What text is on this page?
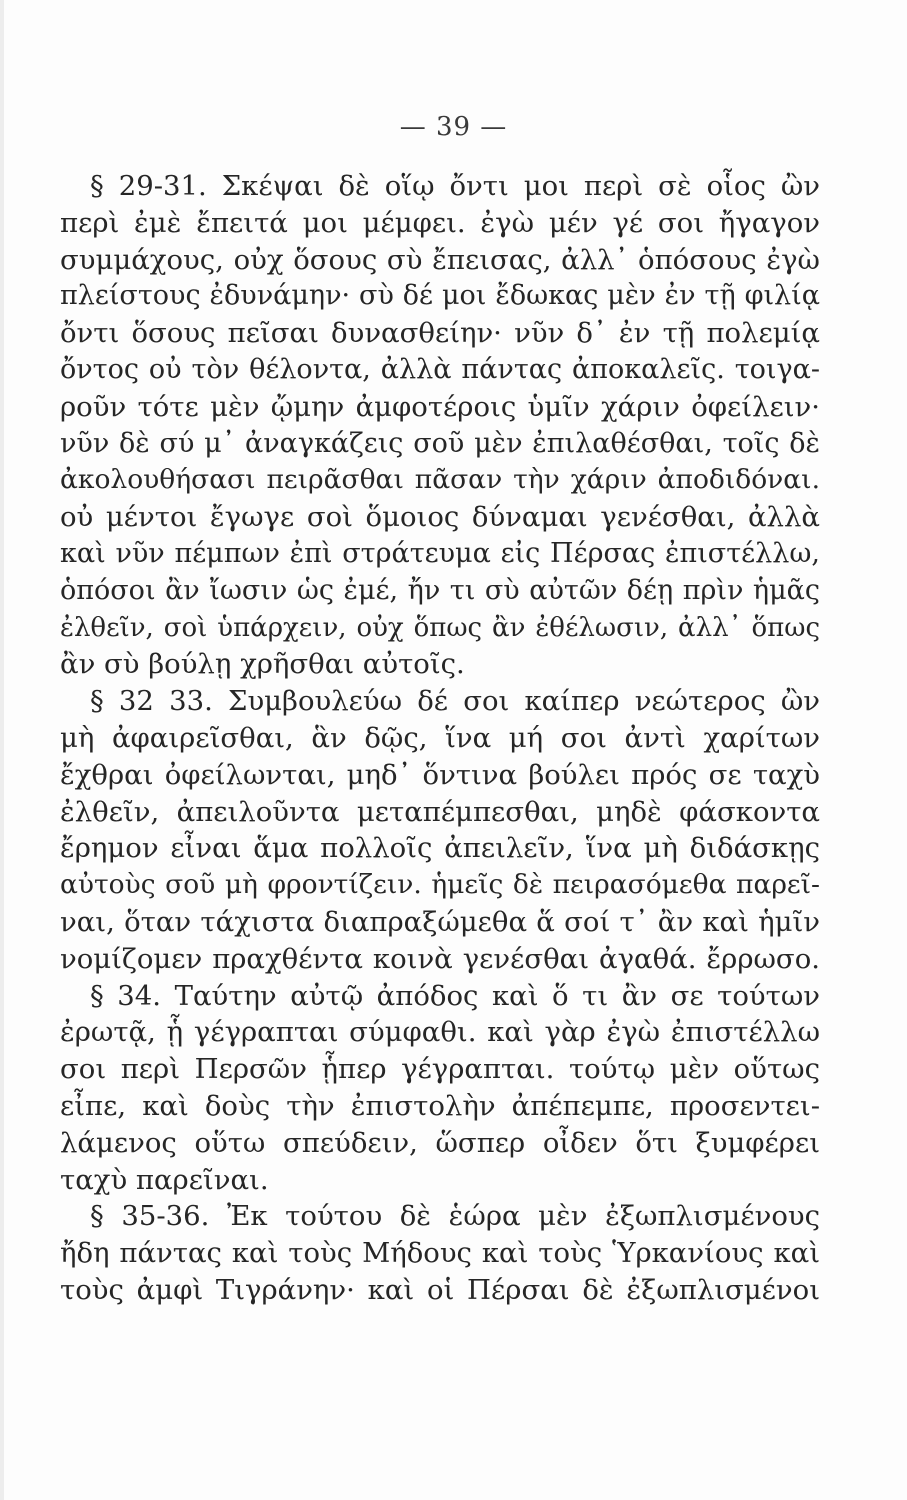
— 39 —
§ 29-31. Σκέψαι δὲ οἵῳ ὄντι μοι περὶ σὲ οἷος ὢν
περὶ ἐμὲ ἔπειτά μοι μέμφει. ἐγὼ μέν γέ σοι ἤγαγον
συμμάχους, οὐχ ὅσους σὺ ἔπεισας, ἀλλ᾽ ὁπόσους ἐγὼ
πλείστους ἐδυνάμην· σὺ δέ μοι ἔδωκας μὲν ἐν τῇ φιλίᾳ
ὄντι ὅσους πεῖσαι δυνασθείην· νῦν δ᾽ ἐν τῇ πολεμίᾳ
ὄντος οὐ τὸν θέλοντα, ἀλλὰ πάντας ἀποκαλεῖς. τοιγα-
ροῦν τότε μὲν ᾤμην ἀμφοτέροις ὑμῖν χάριν ὀφείλειν·
νῦν δὲ σύ μ᾽ ἀναγκάζεις σοῦ μὲν ἐπιλαθέσθαι, τοῖς δὲ
ἀκολουθήσασι πειρᾶσθαι πᾶσαν τὴν χάριν ἀποδιδόναι.
οὐ μέντοι ἔγωγε σοὶ ὅμοιος δύναμαι γενέσθαι, ἀλλὰ
καὶ νῦν πέμπων ἐπὶ στράτευμα εἰς Πέρσας ἐπιστέλλω,
ὁπόσοι ἂν ἴωσιν ὡς ἐμέ, ἤν τι σὺ αὐτῶν δέῃ πρὶν ἡμᾶς
ἐλθεῖν, σοὶ ὑπάρχειν, οὐχ ὅπως ἂν ἐθέλωσιν, ἀλλ᾽ ὅπως
ἂν σὺ βούλῃ χρῆσθαι αὐτοῖς.
§ 32 33. Συμβουλεύω δέ σοι καίπερ νεώτερος ὢν
μὴ ἀφαιρεῖσθαι, ἃν δῷς, ἵνα μή σοι ἀντὶ χαρίτων
ἔχθραι ὀφείλωνται, μηδ᾽ ὅντινα βούλει πρός σε ταχὺ
ἐλθεῖν, ἀπειλοῦντα μεταπέμπεσθαι, μηδὲ φάσκοντα
ἔρημον εἶναι ἅμα πολλοῖς ἀπειλεῖν, ἵνα μὴ διδάσκῃς
αὐτοὺς σοῦ μὴ φροντίζειν. ἡμεῖς δὲ πειρασόμεθα παρεῖ-
ναι, ὅταν τάχιστα διαπραξώμεθα ἅ σοί τ᾽ ἂν καὶ ἡμῖν
νομίζομεν πραχθέντα κοινὰ γενέσθαι ἀγαθά. ἔρρωσο.
§ 34. Ταύτην αὐτῷ ἀπόδος καὶ ὅ τι ἂν σε τούτων
ἐρωτᾷ, ᾗ γέγραπται σύμφαθι. καὶ γὰρ ἐγὼ ἐπιστέλλω
σοι περὶ Περσῶν ᾗπερ γέγραπται. τούτῳ μὲν οὕτως
εἶπε, καὶ δοὺς τὴν ἐπιστολὴν ἀπέπεμπε, προσεντει-
λάμενος οὕτω σπεύδειν, ὥσπερ οἶδεν ὅτι ξυμφέρει
ταχὺ παρεῖναι.
§ 35-36. Ἐκ τούτου δὲ ἑώρα μὲν ἐξωπλισμένους
ἤδη πάντας καὶ τοὺς Μήδους καὶ τοὺς Ὑρκανίους καὶ
τοὺς ἀμφὶ Τιγράνην· καὶ οἱ Πέρσαι δὲ ἐξωπλισμένοι
